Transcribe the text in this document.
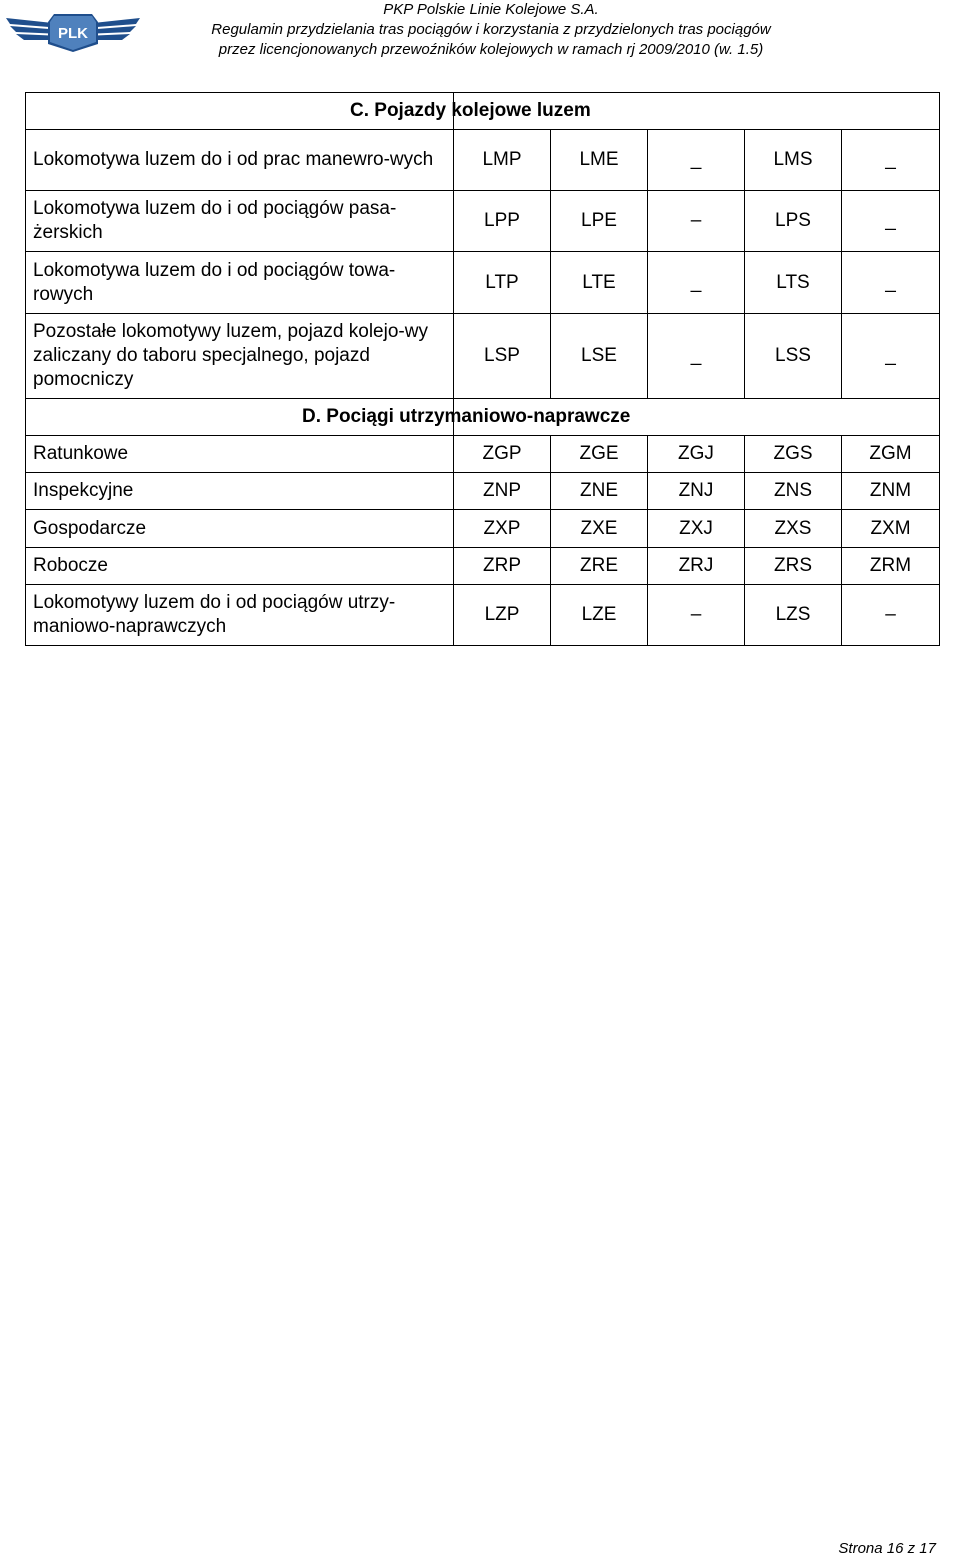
PLK
PKP Polskie Linie Kolejowe S.A.
Regulamin przydzielania tras pociągów i korzystania z przydzielonych tras pociągów
przez licencjonowanych przewoźników kolejowych w ramach rj 2009/2010 (w. 1.5)
	C. Pojazdy kolejowe luzem				
Lokomotywa luzem do i od prac manewro-wych	LMP	LME	_	LMS	_
Lokomotywa luzem do i od pociągów pasa-żerskich	LPP	LPE	–	LPS	_
Lokomotywa luzem do i od pociągów towa-rowych	LTP	LTE	_	LTS	_
Pozostałe lokomotywy luzem, pojazd kolejo-wy zaliczany do taboru specjalnego, pojazd pomocniczy	LSP	LSE	_	LSS	_
	D. Pociągi utrzymaniowo-naprawcze				
Ratunkowe	ZGP	ZGE	ZGJ	ZGS	ZGM
Inspekcyjne	ZNP	ZNE	ZNJ	ZNS	ZNM
Gospodarcze	ZXP	ZXE	ZXJ	ZXS	ZXM
Robocze	ZRP	ZRE	ZRJ	ZRS	ZRM
Lokomotywy luzem do i od pociągów utrzy-maniowo-naprawczych	LZP	LZE	–	LZS	–
Strona 16 z 17
